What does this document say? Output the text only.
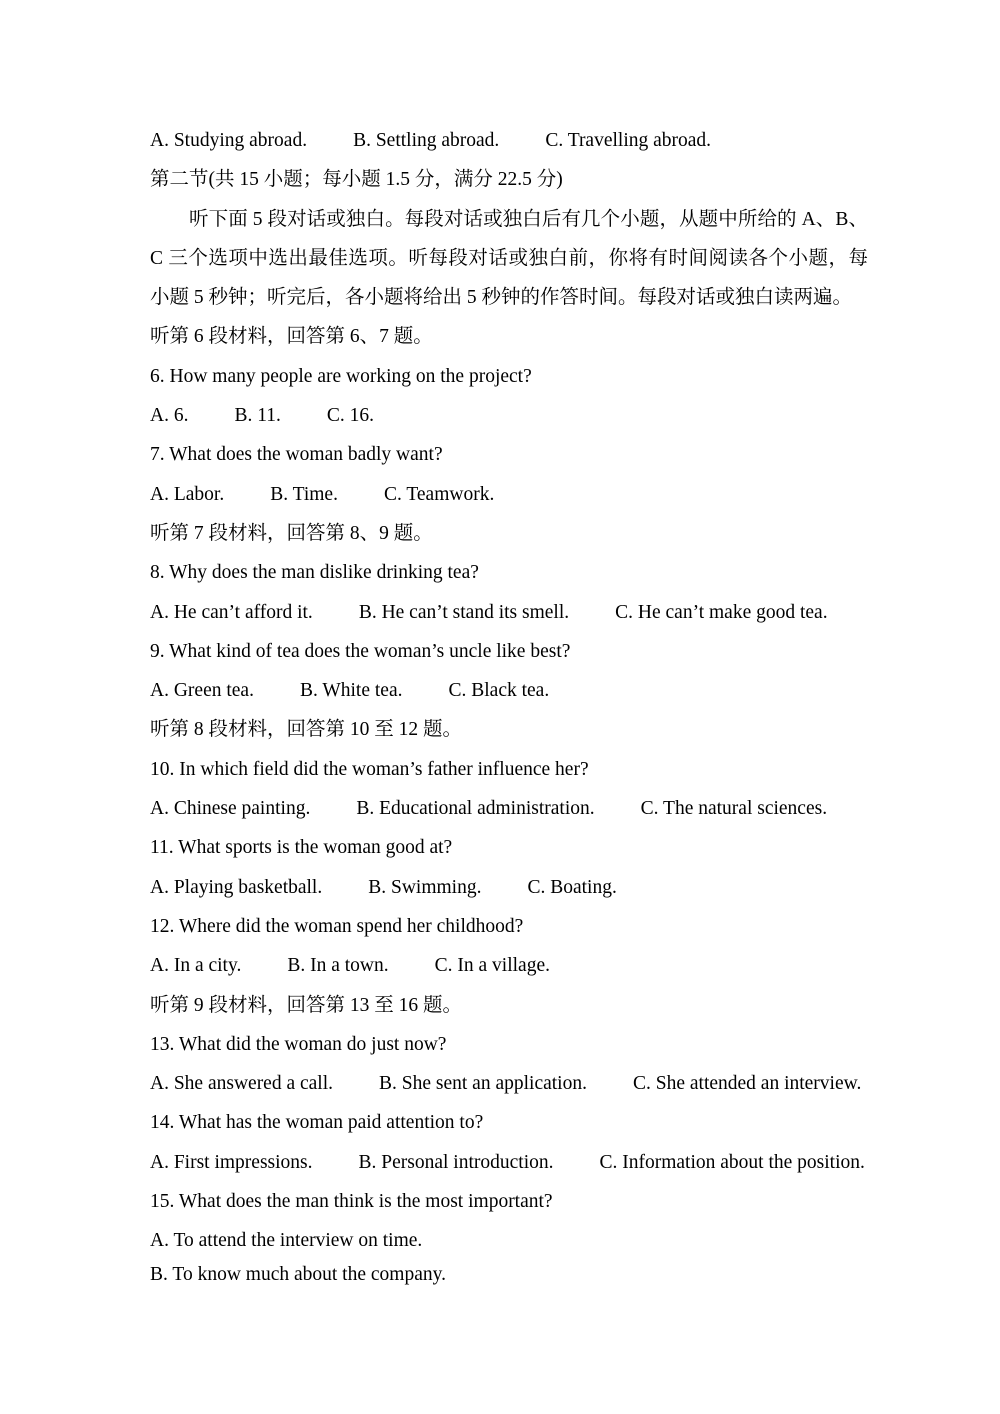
A. Studying abroad. B. Settling abroad. C. Travelling abroad.
第二节(共 15 小题；每小题 1.5 分，满分 22.5 分)
听下面 5 段对话或独白。每段对话或独白后有几个小题，从题中所给的 A、B、C 三个选项中选出最佳选项。听每段对话或独白前，你将有时间阅读各个小题，每小题 5 秒钟；听完后，各小题将给出 5 秒钟的作答时间。每段对话或独白读两遍。
听第 6 段材料，回答第 6、7 题。
6. How many people are working on the project?
A. 6. B. 11. C. 16.
7. What does the woman badly want?
A. Labor. B. Time. C. Teamwork.
听第 7 段材料，回答第 8、9 题。
8. Why does the man dislike drinking tea?
A. He can’t afford it. B. He can’t stand its smell. C. He can’t make good tea.
9. What kind of tea does the woman’s uncle like best?
A. Green tea. B. White tea. C. Black tea.
听第 8 段材料，回答第 10 至 12 题。
10. In which field did the woman’s father influence her?
A. Chinese painting. B. Educational administration. C. The natural sciences.
11. What sports is the woman good at?
A. Playing basketball. B. Swimming. C. Boating.
12. Where did the woman spend her childhood?
A. In a city. B. In a town. C. In a village.
听第 9 段材料，回答第 13 至 16 题。
13. What did the woman do just now?
A. She answered a call. B. She sent an application. C. She attended an interview.
14. What has the woman paid attention to?
A. First impressions. B. Personal introduction. C. Information about the position.
15. What does the man think is the most important?
A. To attend the interview on time.
B. To know much about the company.
